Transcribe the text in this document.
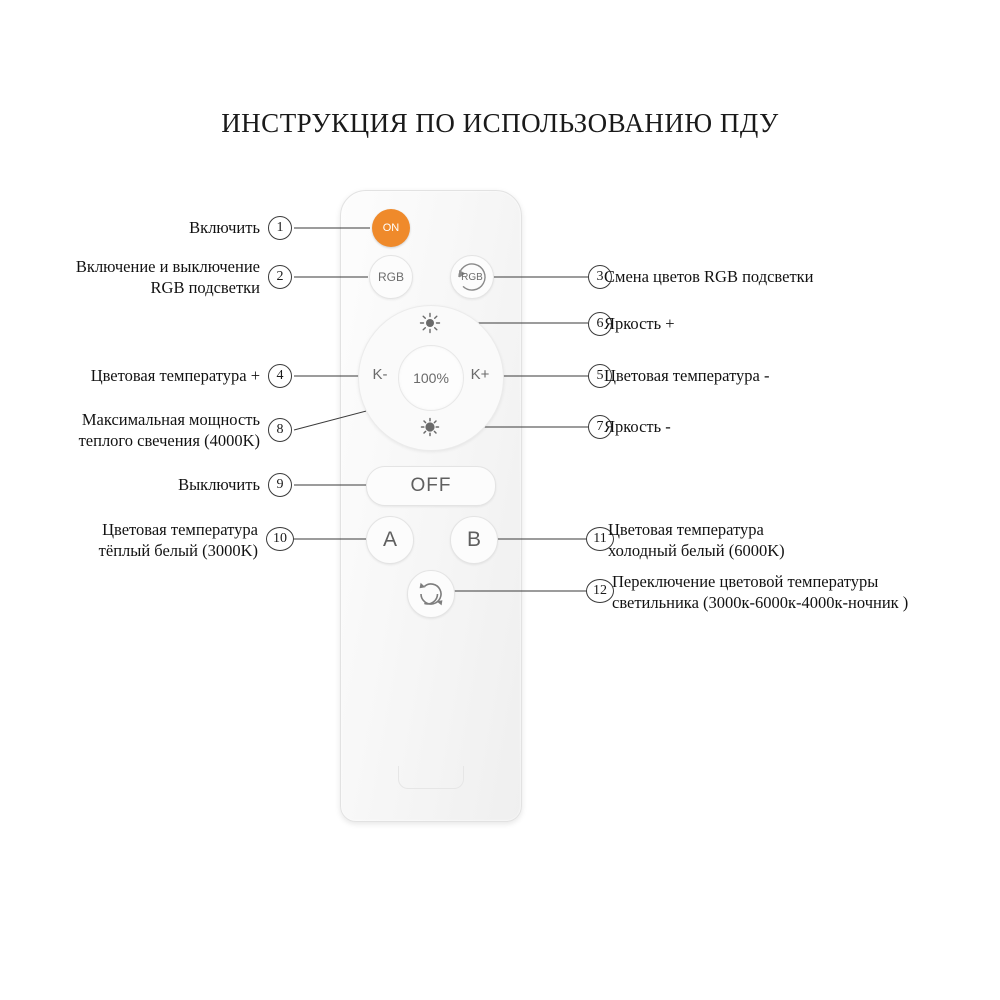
ИНСТРУКЦИЯ ПО ИСПОЛЬЗОВАНИЮ ПДУ
ON
RGB	RGB
K-	K+
100%
OFF
A	B
1
2	3
4	5
6
7
8
9
10	11
12
Включить
Включение и выключение
RGB подсветки
Смена цветов RGB подсветки
Яркость +
Цветовая температура +	Цветовая температура -
Максимальная мощность
теплого свечения (4000K)
Яркость -
Выключить
Цветовая температура
тёплый белый (3000K)
Цветовая температура
холодный белый (6000K)
Переключение цветовой температуры
светильника (3000к-6000к-4000к-ночник )
